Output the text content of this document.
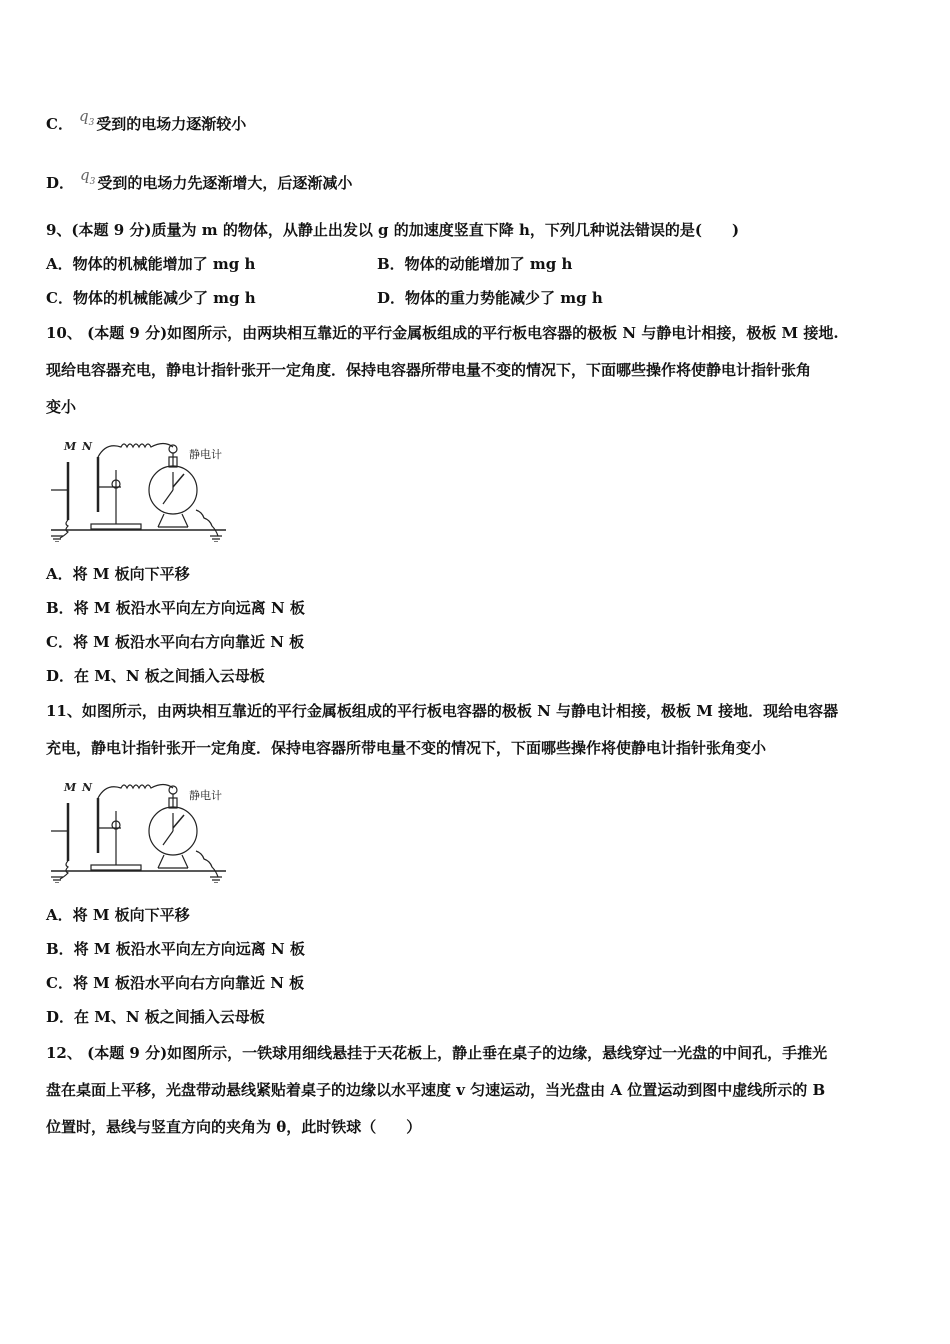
C． $q_3$ 受到的电场力逐渐较小
D． $q_3$ 受到的电场力先逐渐增大，后逐渐减小
9、(本题 9 分)质量为 m 的物体，从静止出发以 g 的加速度竖直下降 h，下列几种说法错误的是(　　)
A．物体的机械能增加了 mg h	B．物体的动能增加了 mg h
C．物体的机械能减少了 mg h	D．物体的重力势能减少了 mg h
10、 (本题 9 分)如图所示，由两块相互靠近的平行金属板组成的平行板电容器的极板 N 与静电计相接，极板 M 接地.
现给电容器充电，静电计指针张开一定角度．保持电容器所带电量不变的情况下，下面哪些操作将使静电计指针张角
变小
M N
静电计
A．将 M 板向下平移
B．将 M 板沿水平向左方向远离 N 板
C．将 M 板沿水平向右方向靠近 N 板
D．在 M、N 板之间插入云母板
11、如图所示，由两块相互靠近的平行金属板组成的平行板电容器的极板 N 与静电计相接，极板 M 接地．现给电容器
充电，静电计指针张开一定角度．保持电容器所带电量不变的情况下，下面哪些操作将使静电计指针张角变小
M N
静电计
A．将 M 板向下平移
B．将 M 板沿水平向左方向远离 N 板
C．将 M 板沿水平向右方向靠近 N 板
D．在 M、N 板之间插入云母板
12、 (本题 9 分)如图所示，一铁球用细线悬挂于天花板上，静止垂在桌子的边缘，悬线穿过一光盘的中间孔，手推光
盘在桌面上平移，光盘带动悬线紧贴着桌子的边缘以水平速度 v 匀速运动，当光盘由 A 位置运动到图中虚线所示的 B
位置时，悬线与竖直方向的夹角为 θ，此时铁球（　　）
